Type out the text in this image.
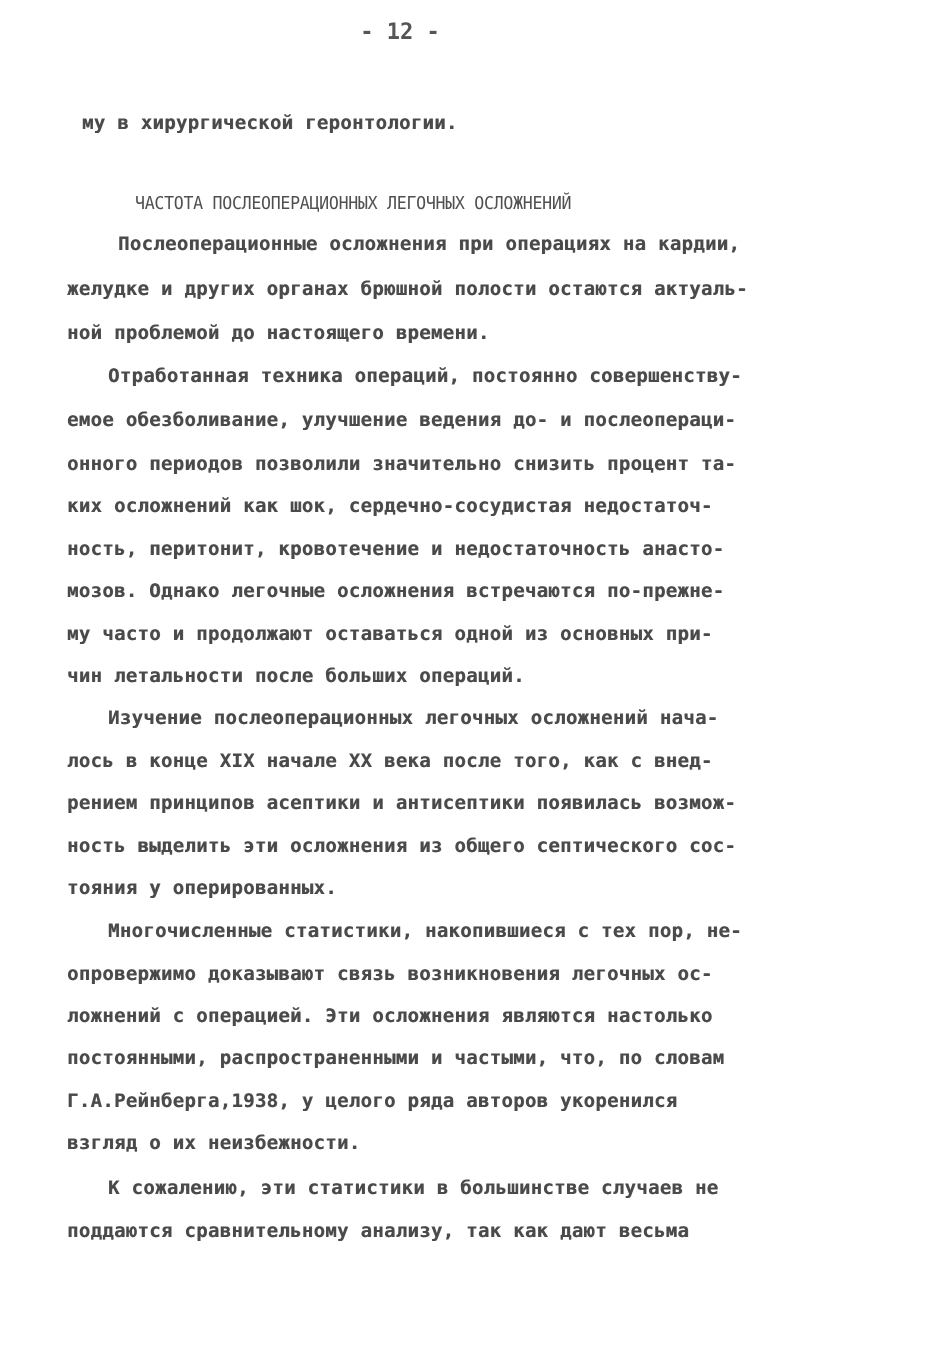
- 12 -
му в хирургической геронтологии.
ЧАСТОТА ПОСЛЕОПЕРАЦИОННЫХ ЛЕГОЧНЫХ ОСЛОЖНЕНИЙ
Послеоперационные осложнения при операциях на кардии,
желудке и других органах брюшной полости остаются актуаль-
ной проблемой до настоящего времени.
Отработанная техника операций, постоянно совершенству-
емое обезболивание, улучшение ведения до- и послеопераци-
онного периодов позволили значительно снизить процент та-
ких осложнений как шок, сердечно-сосудистая недостаточ-
ность, перитонит, кровотечение и недостаточность анасто-
мозов. Однако легочные осложнения встречаются по-прежне-
му часто и продолжают оставаться одной из основных при-
чин летальности после больших операций.
Изучение послеоперационных легочных осложнений нача-
лось в конце XIX начале XX века после того, как с внед-
рением принципов асептики и антисептики появилась возмож-
ность выделить эти осложнения из общего септического сос-
тояния у оперированных.
Многочисленные статистики, накопившиеся с тех пор, не-
опровержимо доказывают связь возникновения легочных ос-
ложнений с операцией. Эти осложнения являются настолько
постоянными, распространенными и частыми, что, по словам
Г.А.Рейнберга,1938, у целого ряда авторов укоренился
взгляд о их неизбежности.
К сожалению, эти статистики в большинстве случаев не
поддаются сравнительному анализу, так как дают весьма
